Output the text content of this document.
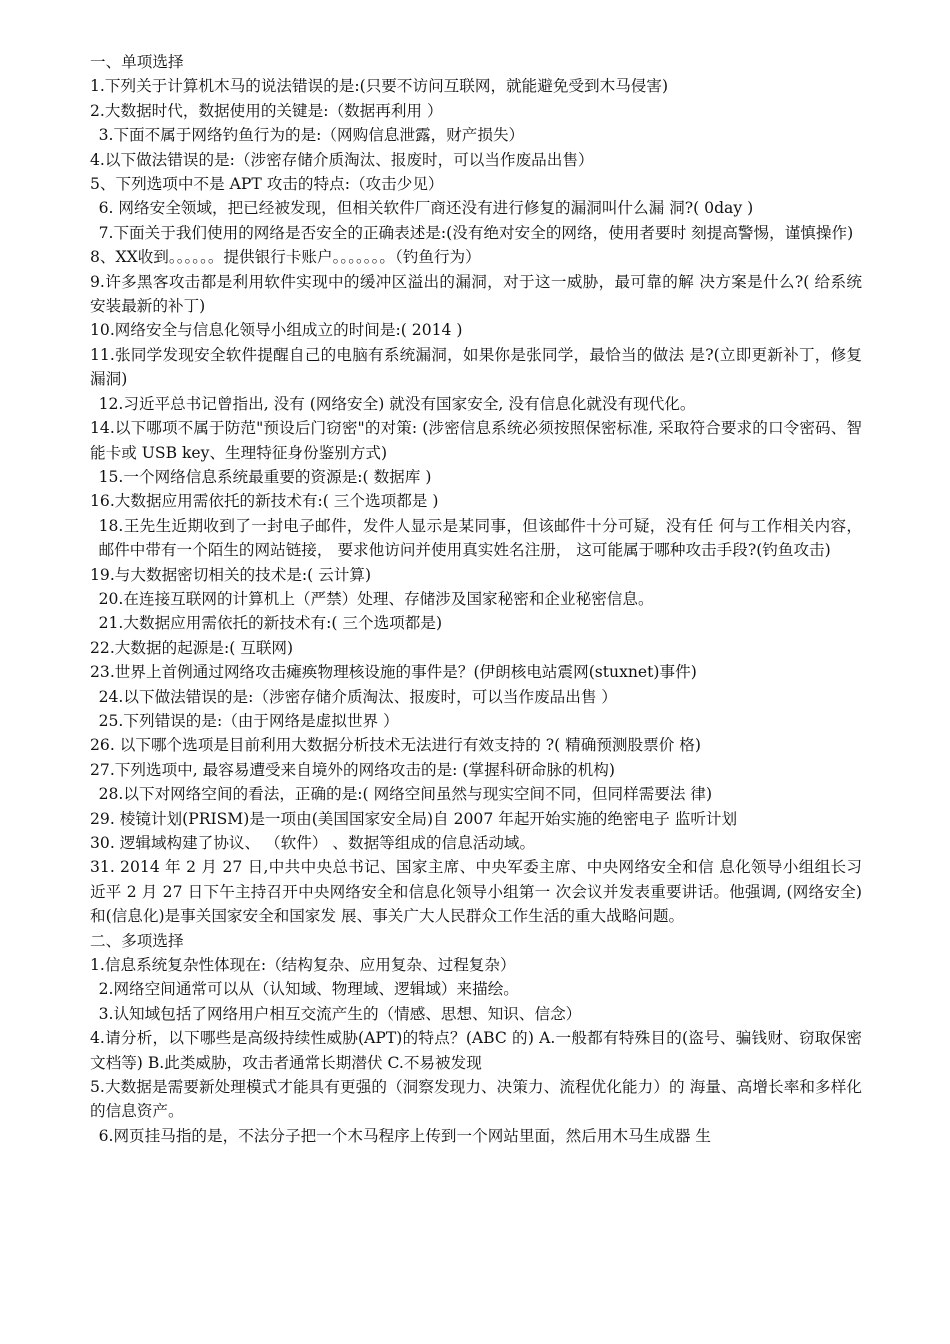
一、单项选择
1.下列关于计算机木马的说法错误的是:(只要不访问互联网，就能避免受到木马侵害)
2.大数据时代，数据使用的关键是:（数据再利用 ）
3.下面不属于网络钓鱼行为的是:（网购信息泄露，财产损失）
4.以下做法错误的是:（涉密存储介质淘汰、报废时，可以当作废品出售）
5、下列选项中不是 APT 攻击的特点:（攻击少见）
6. 网络安全领域，把已经被发现，但相关软件厂商还没有进行修复的漏洞叫什么漏 洞?( 0day )
7.下面关于我们使用的网络是否安全的正确表述是:(没有绝对安全的网络，使用者要时 刻提高警惕，谨慎操作)
8、XX收到。。。。。。提供银行卡账户。。。。。。。（钓鱼行为）
9.许多黑客攻击都是利用软件实现中的缓冲区溢出的漏洞，对于这一威胁，最可靠的解 决方案是什么?( 给系统安装最新的补丁)
10.网络安全与信息化领导小组成立的时间是:( 2014 )
11.张同学发现安全软件提醒自己的电脑有系统漏洞，如果你是张同学，最恰当的做法 是?(立即更新补丁，修复漏洞)
12.习近平总书记曾指出, 没有 (网络安全) 就没有国家安全, 没有信息化就没有现代化。
14.以下哪项不属于防范"预设后门窃密"的对策: (涉密信息系统必须按照保密标准, 采取符合要求的口令密码、智能卡或 USB key、生理特征身份鉴别方式)
15.一个网络信息系统最重要的资源是:( 数据库 )
16.大数据应用需依托的新技术有:( 三个选项都是 )
18.王先生近期收到了一封电子邮件，发件人显示是某同事，但该邮件十分可疑，没有任 何与工作相关内容， 邮件中带有一个陌生的网站链接， 要求他访问并使用真实姓名注册， 这可能属于哪种攻击手段?(钓鱼攻击)
19.与大数据密切相关的技术是:( 云计算)
20.在连接互联网的计算机上（严禁）处理、存储涉及国家秘密和企业秘密信息。
21.大数据应用需依托的新技术有:( 三个选项都是)
22.大数据的起源是:( 互联网)
23.世界上首例通过网络攻击瘫痪物理核设施的事件是？(伊朗核电站震网(stuxnet)事件)
24.以下做法错误的是:（涉密存储介质淘汰、报废时，可以当作废品出售 ）
25.下列错误的是:（由于网络是虚拟世界 ）
26. 以下哪个选项是目前利用大数据分析技术无法进行有效支持的 ?( 精确预测股票价 格)
27.下列选项中, 最容易遭受来自境外的网络攻击的是: (掌握科研命脉的机构)
28.以下对网络空间的看法，正确的是:( 网络空间虽然与现实空间不同，但同样需要法 律)
29. 棱镜计划(PRISM)是一项由(美国国家安全局)自 2007 年起开始实施的绝密电子 监听计划
30. 逻辑域构建了协议、 （软件） 、数据等组成的信息活动域。
31. 2014 年 2 月 27 日,中共中央总书记、国家主席、中央军委主席、中央网络安全和信 息化领导小组组长习近平 2 月 27 日下午主持召开中央网络安全和信息化领导小组第一 次会议并发表重要讲话。他强调, (网络安全)和(信息化)是事关国家安全和国家发 展、事关广大人民群众工作生活的重大战略问题。
二、多项选择
1.信息系统复杂性体现在:（结构复杂、应用复杂、过程复杂）
2.网络空间通常可以从（认知域、物理域、逻辑域）来描绘。
3.认知域包括了网络用户相互交流产生的（情感、思想、知识、信念）
4.请分析，以下哪些是高级持续性威胁(APT)的特点？(ABC 的) A.一般都有特殊目的(盗号、骗钱财、窃取保密文档等) B.此类威胁，攻击者通常长期潜伏 C.不易被发现
5.大数据是需要新处理模式才能具有更强的（洞察发现力、决策力、流程优化能力）的 海量、高增长率和多样化的信息资产。
6.网页挂马指的是，不法分子把一个木马程序上传到一个网站里面，然后用木马生成器 生
